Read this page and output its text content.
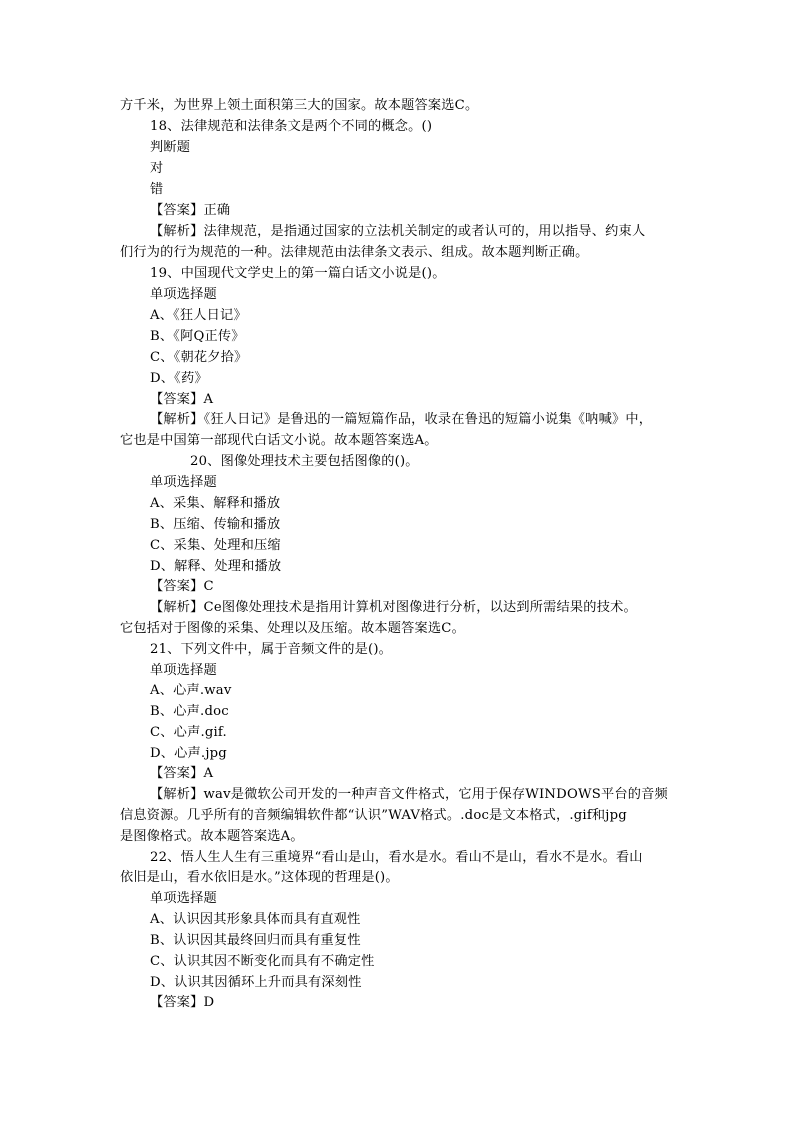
方千米，为世界上领土面积第三大的国家。故本题答案选C。
18、法律规范和法律条文是两个不同的概念。()
判断题
对
错
【答案】正确
【解析】法律规范，是指通过国家的立法机关制定的或者认可的，用以指导、约束人
们行为的行为规范的一种。法律规范由法律条文表示、组成。故本题判断正确。
19、中国现代文学史上的第一篇白话文小说是()。
单项选择题
A、《狂人日记》
B、《阿Q正传》
C、《朝花夕拾》
D、《药》
【答案】A
【解析】《狂人日记》是鲁迅的一篇短篇作品，收录在鲁迅的短篇小说集《呐喊》中，
它也是中国第一部现代白话文小说。故本题答案选A。
20、图像处理技术主要包括图像的()。
单项选择题
A、采集、解释和播放
B、压缩、传输和播放
C、采集、处理和压缩
D、解释、处理和播放
【答案】C
【解析】Ce图像处理技术是指用计算机对图像进行分析，以达到所需结果的技术。
它包括对于图像的采集、处理以及压缩。故本题答案选C。
21、下列文件中，属于音频文件的是()。
单项选择题
A、心声.wav
B、心声.doc
C、心声.gif.
D、心声.jpg
【答案】A
【解析】wav是微软公司开发的一种声音文件格式，它用于保存WINDOWS平台的音频
信息资源。几乎所有的音频编辑软件都“认识”WAV格式。.doc是文本格式，.gif和jpg
是图像格式。故本题答案选A。
22、悟人生人生有三重境界“看山是山，看水是水。看山不是山，看水不是水。看山
依旧是山，看水依旧是水。”这体现的哲理是()。
单项选择题
A、认识因其形象具体而具有直观性
B、认识因其最终回归而具有重复性
C、认识其因不断变化而具有不确定性
D、认识其因循环上升而具有深刻性
【答案】D
